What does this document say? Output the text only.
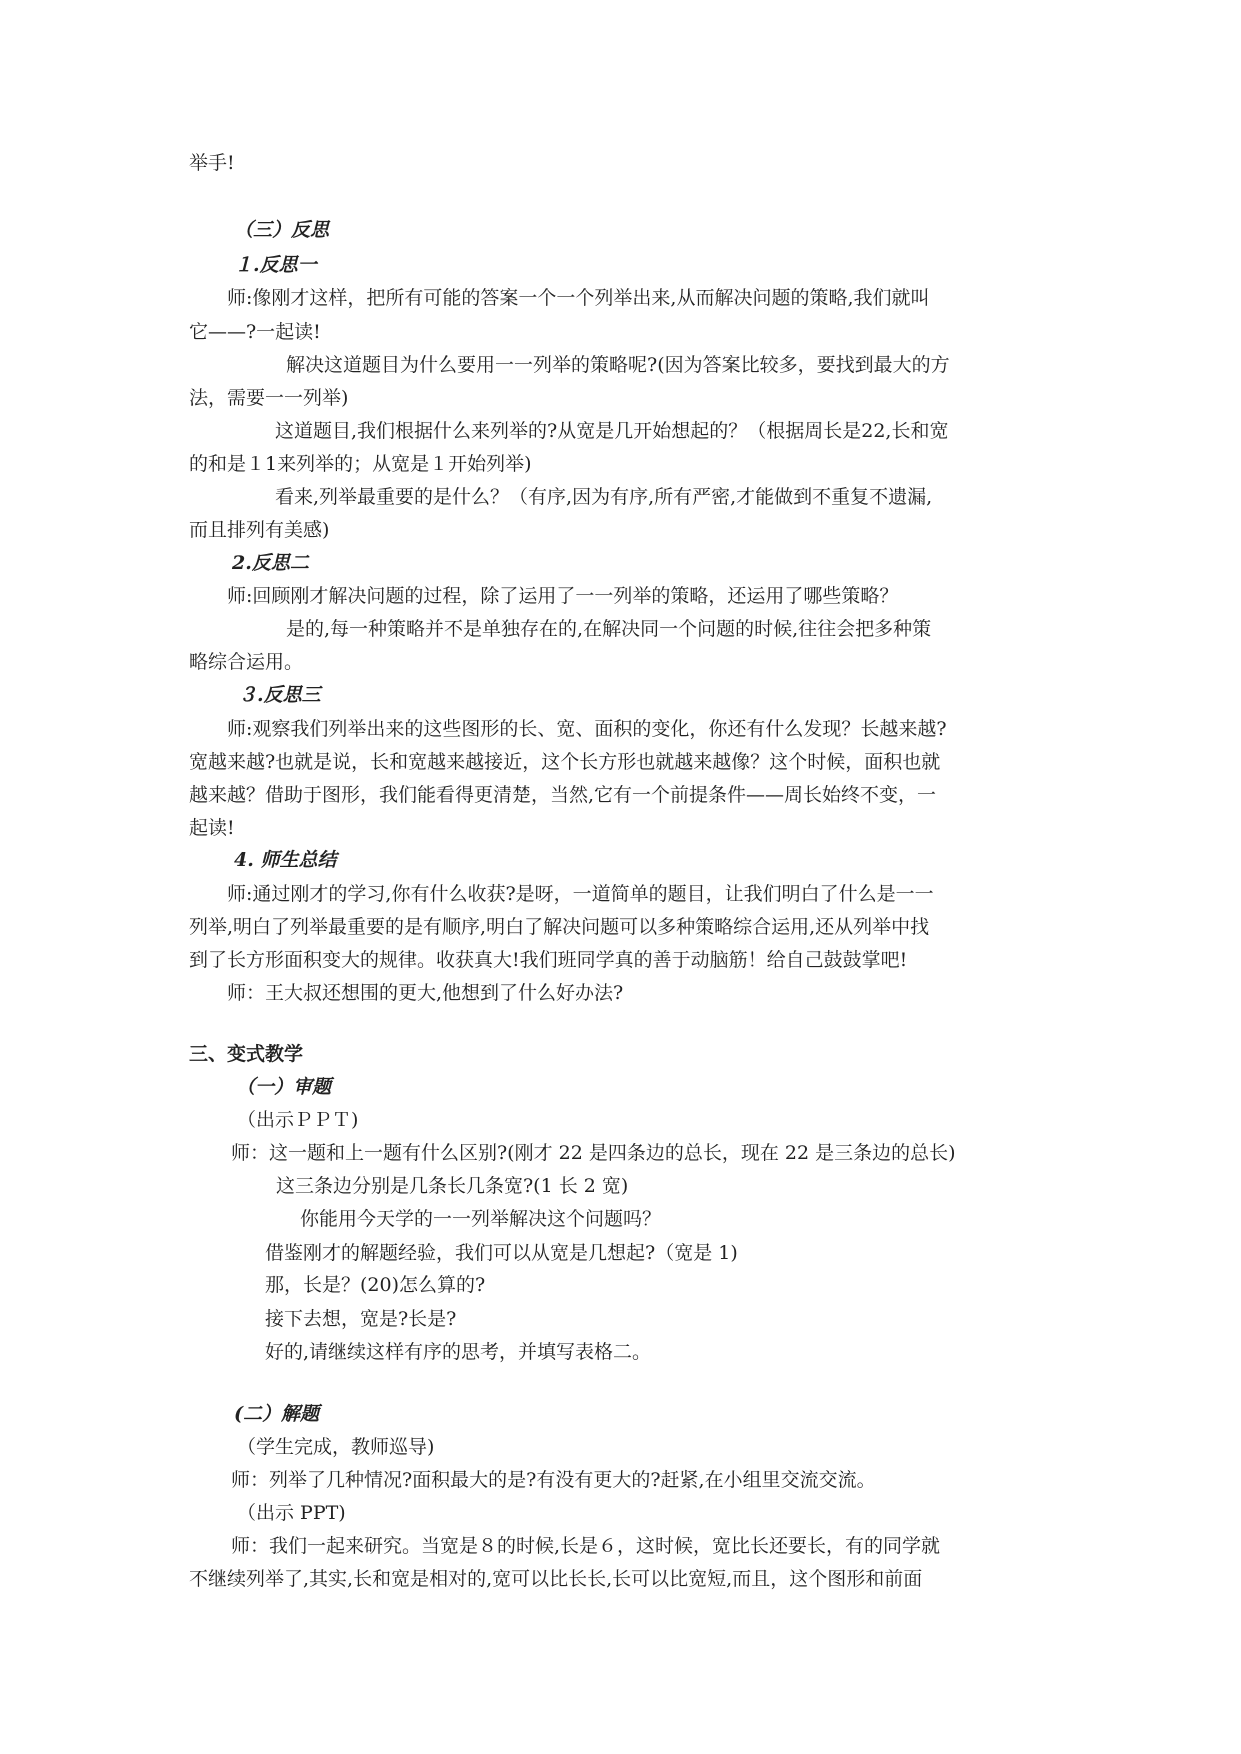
举手!

（三）反思

１.反思一

师:像刚才这样，把所有可能的答案一个一个列举出来,从而解决问题的策略,我们就叫

它——?一起读!

解决这道题目为什么要用一一列举的策略呢?(因为答案比较多，要找到最大的方

法，需要一一列举)

这道题目,我们根据什么来列举的?从宽是几开始想起的？（根据周长是22,长和宽

的和是１1来列举的；从宽是１开始列举)

看来,列举最重要的是什么？（有序,因为有序,所有严密,才能做到不重复不遗漏,

而且排列有美感)

2.反思二

师:回顾刚才解决问题的过程，除了运用了一一列举的策略，还运用了哪些策略？

是的,每一种策略并不是单独存在的,在解决同一个问题的时候,往往会把多种策

略综合运用。

３.反思三

师:观察我们列举出来的这些图形的长、宽、面积的变化，你还有什么发现？长越来越?

宽越来越?也就是说，长和宽越来越接近，这个长方形也就越来越像？这个时候，面积也就

越来越？借助于图形，我们能看得更清楚，当然,它有一个前提条件——周长始终不变，一

起读!

4. 师生总结

师:通过刚才的学习,你有什么收获?是呀，一道简单的题目，让我们明白了什么是一一

列举,明白了列举最重要的是有顺序,明白了解决问题可以多种策略综合运用,还从列举中找

到了长方形面积变大的规律。收获真大!我们班同学真的善于动脑筋！给自己鼓鼓掌吧!

师：王大叔还想围的更大,他想到了什么好办法?

三、变式教学

（一）审题

（出示ＰＰＴ)

师：这一题和上一题有什么区别?(刚才 22 是四条边的总长，现在 22 是三条边的总长)

这三条边分别是几条长几条宽?(1 长 2 宽)

你能用今天学的一一列举解决这个问题吗？

借鉴刚才的解题经验，我们可以从宽是几想起?（宽是 1)

那，长是？(20)怎么算的?

接下去想，宽是?长是?

好的,请继续这样有序的思考，并填写表格二。

(二）解题

（学生完成，教师巡导)

师：列举了几种情况?面积最大的是?有没有更大的?赶紧,在小组里交流交流。

（出示 PPT)

师：我们一起来研究。当宽是８的时候,长是６，这时候，宽比长还要长，有的同学就

不继续列举了,其实,长和宽是相对的,宽可以比长长,长可以比宽短,而且，这个图形和前面
